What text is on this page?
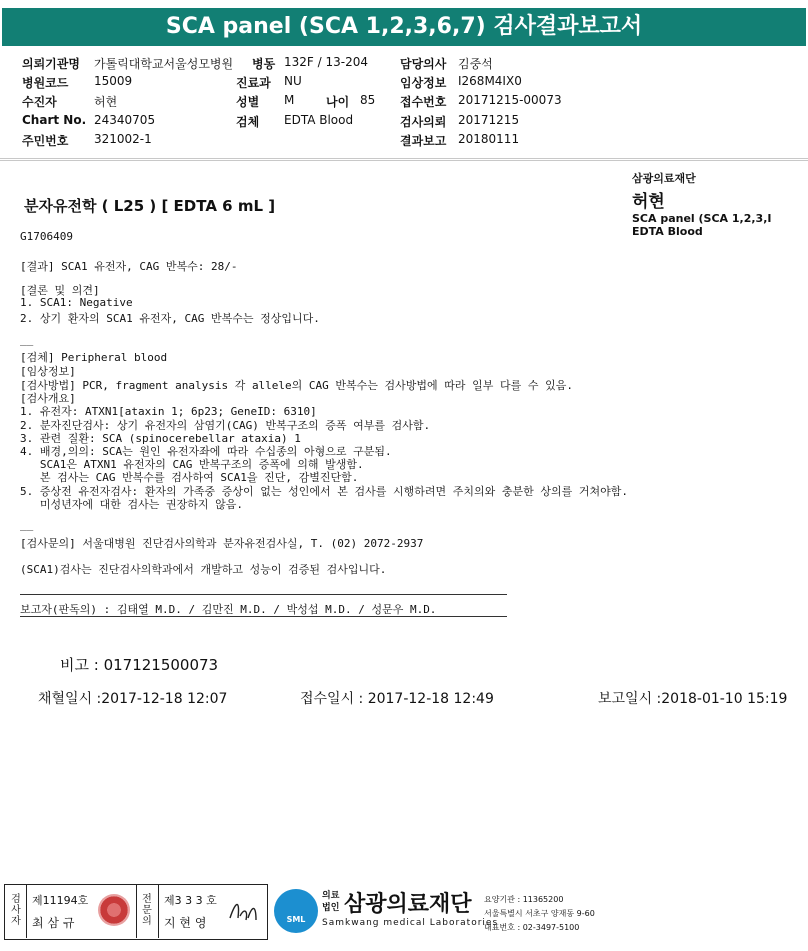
SCA panel (SCA 1,2,3,6,7) 검사결과보고서
의뢰기관명 가톨릭대학교서울성모병원 병동 132F / 13-204	담당의사 김중석
병원코드 15009	진료과 NU	임상정보 I268M4IX0
수진자	허현	성별 M	나이 85 접수번호 20171215-00073
Chart No. 24340705	검체 EDTA Blood	검사의뢰 20171215
주민번호 321002-1	결과보고 20180111
삼광의료재단
허현
SCA panel (SCA 1,2,3,I
EDTA Blood
분자유전학 ( L25 ) [ EDTA 6 mL ]
G1706409
[결과] SCA1 유전자, CAG 반복수: 28/-
[결론 및 의견]
1. SCA1: Negative
2. 상기 환자의 SCA1 유전자, CAG 반복수는 정상입니다.
__
[검체] Peripheral blood
[임상정보]
[검사방법] PCR, fragment analysis 각 allele의 CAG 반복수는 검사방법에 따라 일부 다를 수 있음.
[검사개요]
1. 유전자: ATXN1[ataxin 1; 6p23; GeneID: 6310]
2. 분자진단검사: 상기 유전자의 삼염기(CAG) 반복구조의 증폭 여부를 검사함.
3. 관련 질환: SCA (spinocerebellar ataxia) 1
4. 배경,의의: SCA는 원인 유전자좌에 따라 수십종의 아형으로 구분됨.
SCA1은 ATXN1 유전자의 CAG 반복구조의 증폭에 의해 발생함.
본 검사는 CAG 반복수를 검사하여 SCA1을 진단, 감별진단함.
5. 증상전 유전자검사: 환자의 가족중 증상이 없는 성인에서 본 검사를 시행하려면 주치의와 충분한 상의를 거쳐야함.
미성년자에 대한 검사는 권장하지 않음.
__
[검사문의] 서울대병원 진단검사의학과 분자유전검사실, T. (02) 2072-2937
(SCA1)검사는 진단검사의학과에서 개발하고 성능이 검증된 검사입니다.
보고자(판독의) : 김태열 M.D. / 김만진 M.D. / 박성섭 M.D. / 성문우 M.D.
비고 : 017121500073
채혈일시 :2017-12-18 12:07	접수일시 : 2017-12-18 12:49	보고일시 :2018-01-10 15:19
검사자
전문의
제11194호
최 삼 규
제3 3 3 호
지 현 영	SML
의료
법인 삼광의료재단
Samkwang medical Laboratories
요양기관 : 11365200
서울특별시 서초구 양재동 9-60
대표번호 : 02-3497-5100
